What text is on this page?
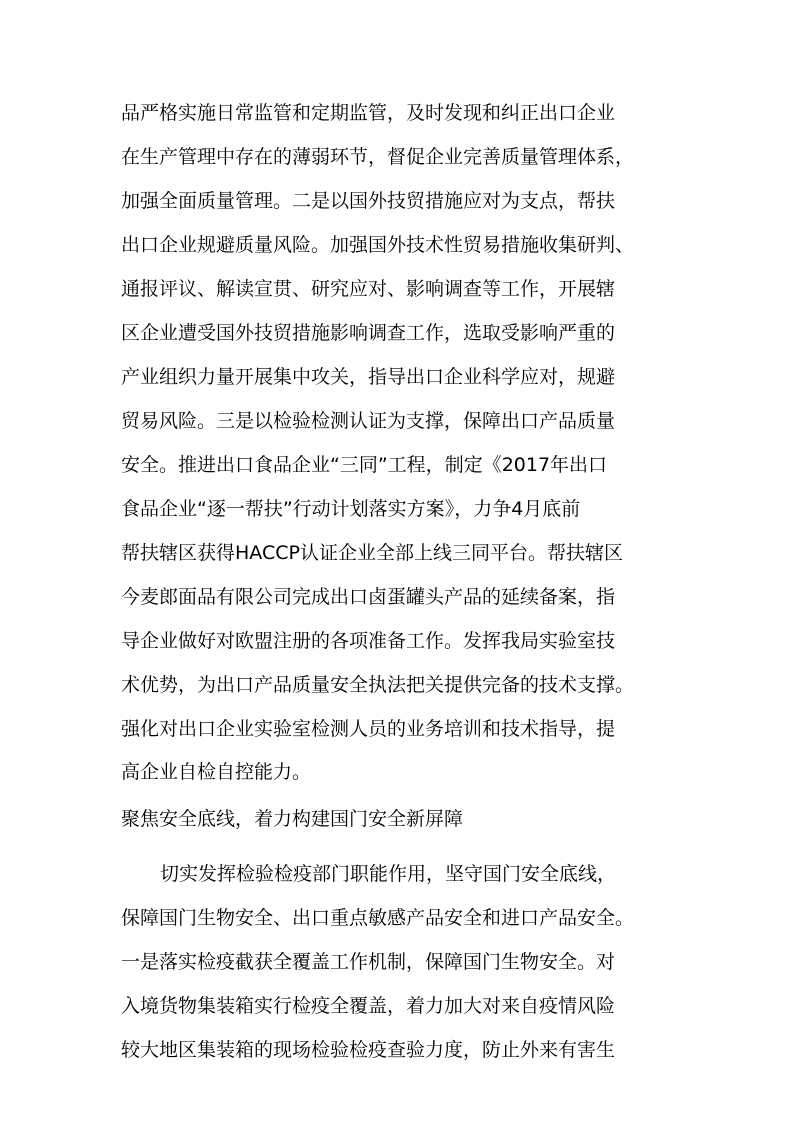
品严格实施日常监管和定期监管，及时发现和纠正出口企业
在生产管理中存在的薄弱环节，督促企业完善质量管理体系，
加强全面质量管理。二是以国外技贸措施应对为支点，帮扶
出口企业规避质量风险。加强国外技术性贸易措施收集研判、
通报评议、解读宣贯、研究应对、影响调查等工作，开展辖
区企业遭受国外技贸措施影响调查工作，选取受影响严重的
产业组织力量开展集中攻关，指导出口企业科学应对，规避
贸易风险。三是以检验检测认证为支撑，保障出口产品质量
安全。推进出口食品企业“三同”工程，制定《2017年出口
食品企业“逐一帮扶”行动计划落实方案》，力争4月底前
帮扶辖区获得HACCP认证企业全部上线三同平台。帮扶辖区
今麦郎面品有限公司完成出口卤蛋罐头产品的延续备案，指
导企业做好对欧盟注册的各项准备工作。发挥我局实验室技
术优势，为出口产品质量安全执法把关提供完备的技术支撑。
强化对出口企业实验室检测人员的业务培训和技术指导，提
高企业自检自控能力。
聚焦安全底线，着力构建国门安全新屏障
切实发挥检验检疫部门职能作用，坚守国门安全底线，
保障国门生物安全、出口重点敏感产品安全和进口产品安全。
一是落实检疫截获全覆盖工作机制，保障国门生物安全。对
入境货物集装箱实行检疫全覆盖，着力加大对来自疫情风险
较大地区集装箱的现场检验检疫查验力度，防止外来有害生
